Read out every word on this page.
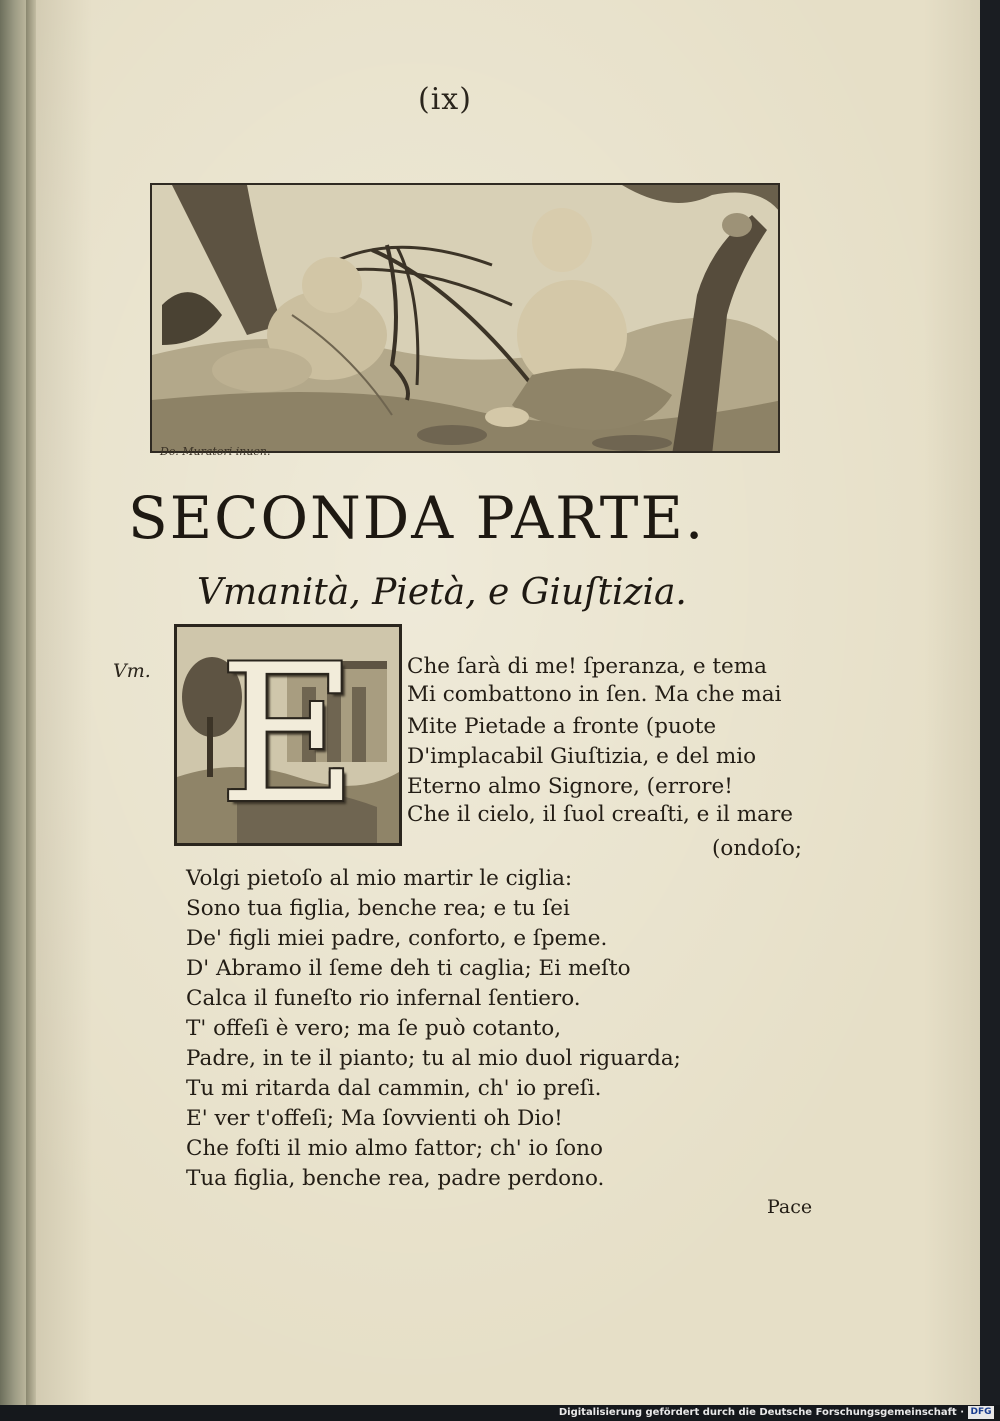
(ix)
Do. Muratori inuen.
SECONDA PARTE.
Vmanità, Pietà, e Giuſtizia.
Vm. E	Che ſarà di me! ſperanza, e tema
Mi combattono in ſen. Ma che mai
Mite Pietade a fronte (puote
D'implacabil Giuſtizia, e del mio
Eterno almo Signore, (errore!
Che il cielo, il ſuol creaſti, e il mare
(ondoſo;
Volgi pietoſo al mio martir le ciglia:
Sono tua figlia, benche rea; e tu ſei
De' figli miei padre, conforto, e ſpeme.
D' Abramo il ſeme deh ti caglia; Ei meſto
Calca il funeſto rio infernal ſentiero.
T' offeſi è vero; ma ſe può cotanto,
Padre, in te il pianto; tu al mio duol riguarda;
Tu mi ritarda dal cammin, ch' io preſi.
E' ver t'offeſi; Ma ſovvienti oh Dio!
Che foſti il mio almo fattor; ch' io ſono
Tua figlia, benche rea, padre perdono.
Pace
Digitalisierung gefördert durch die Deutsche Forschungsgemeinschaft · DFG
